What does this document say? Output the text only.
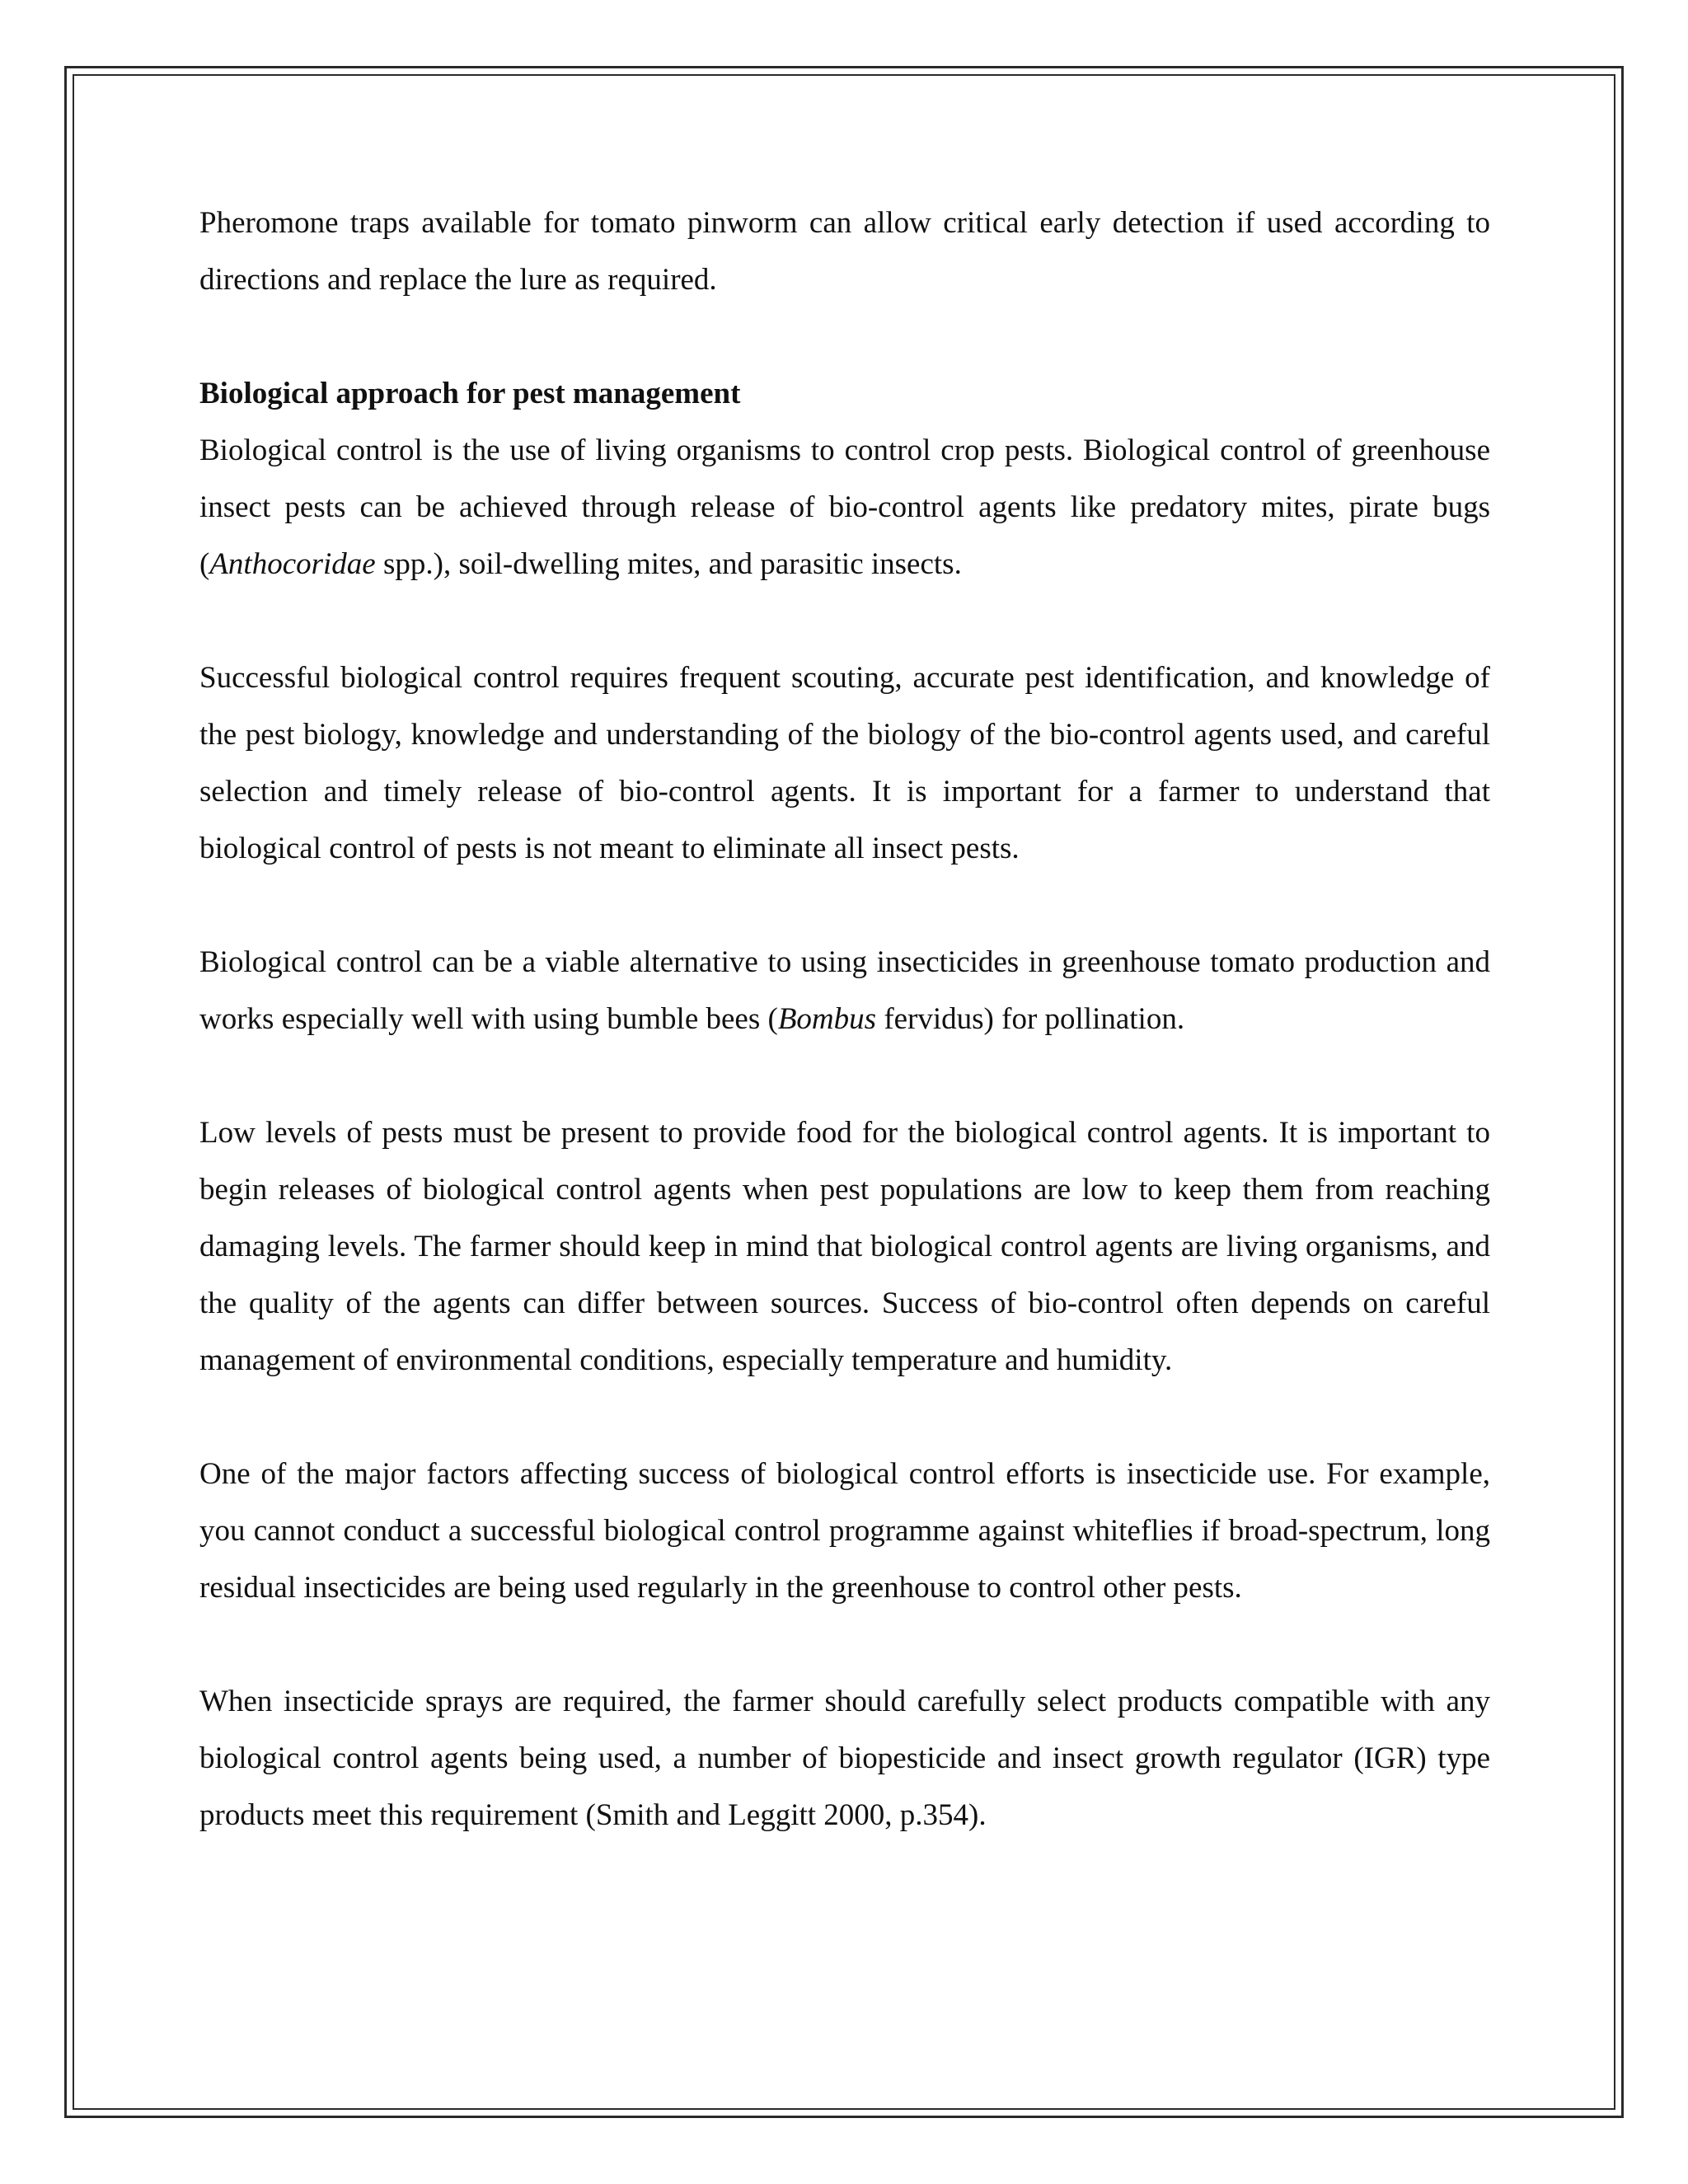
Pheromone traps available for tomato pinworm can allow critical early detection if used according to directions and replace the lure as required.

Biological approach for pest management

Biological control is the use of living organisms to control crop pests. Biological control of greenhouse insect pests can be achieved through release of bio-control agents like predatory mites, pirate bugs (Anthocoridae spp.), soil-dwelling mites, and parasitic insects.

Successful biological control requires frequent scouting, accurate pest identification, and knowledge of the pest biology, knowledge and understanding of the biology of the bio-control agents used, and careful selection and timely release of bio-control agents. It is important for a farmer to understand that biological control of pests is not meant to eliminate all insect pests.

Biological control can be a viable alternative to using insecticides in greenhouse tomato production and works especially well with using bumble bees (Bombus fervidus) for pollination.

Low levels of pests must be present to provide food for the biological control agents. It is important to begin releases of biological control agents when pest populations are low to keep them from reaching damaging levels. The farmer should keep in mind that biological control agents are living organisms, and the quality of the agents can differ between sources. Success of bio-control often depends on careful management of environmental conditions, especially temperature and humidity.

One of the major factors affecting success of biological control efforts is insecticide use. For example, you cannot conduct a successful biological control programme against whiteflies if broad-spectrum, long residual insecticides are being used regularly in the greenhouse to control other pests.

When insecticide sprays are required, the farmer should carefully select products compatible with any biological control agents being used, a number of biopesticide and insect growth regulator (IGR) type products meet this requirement (Smith and Leggitt 2000, p.354).
